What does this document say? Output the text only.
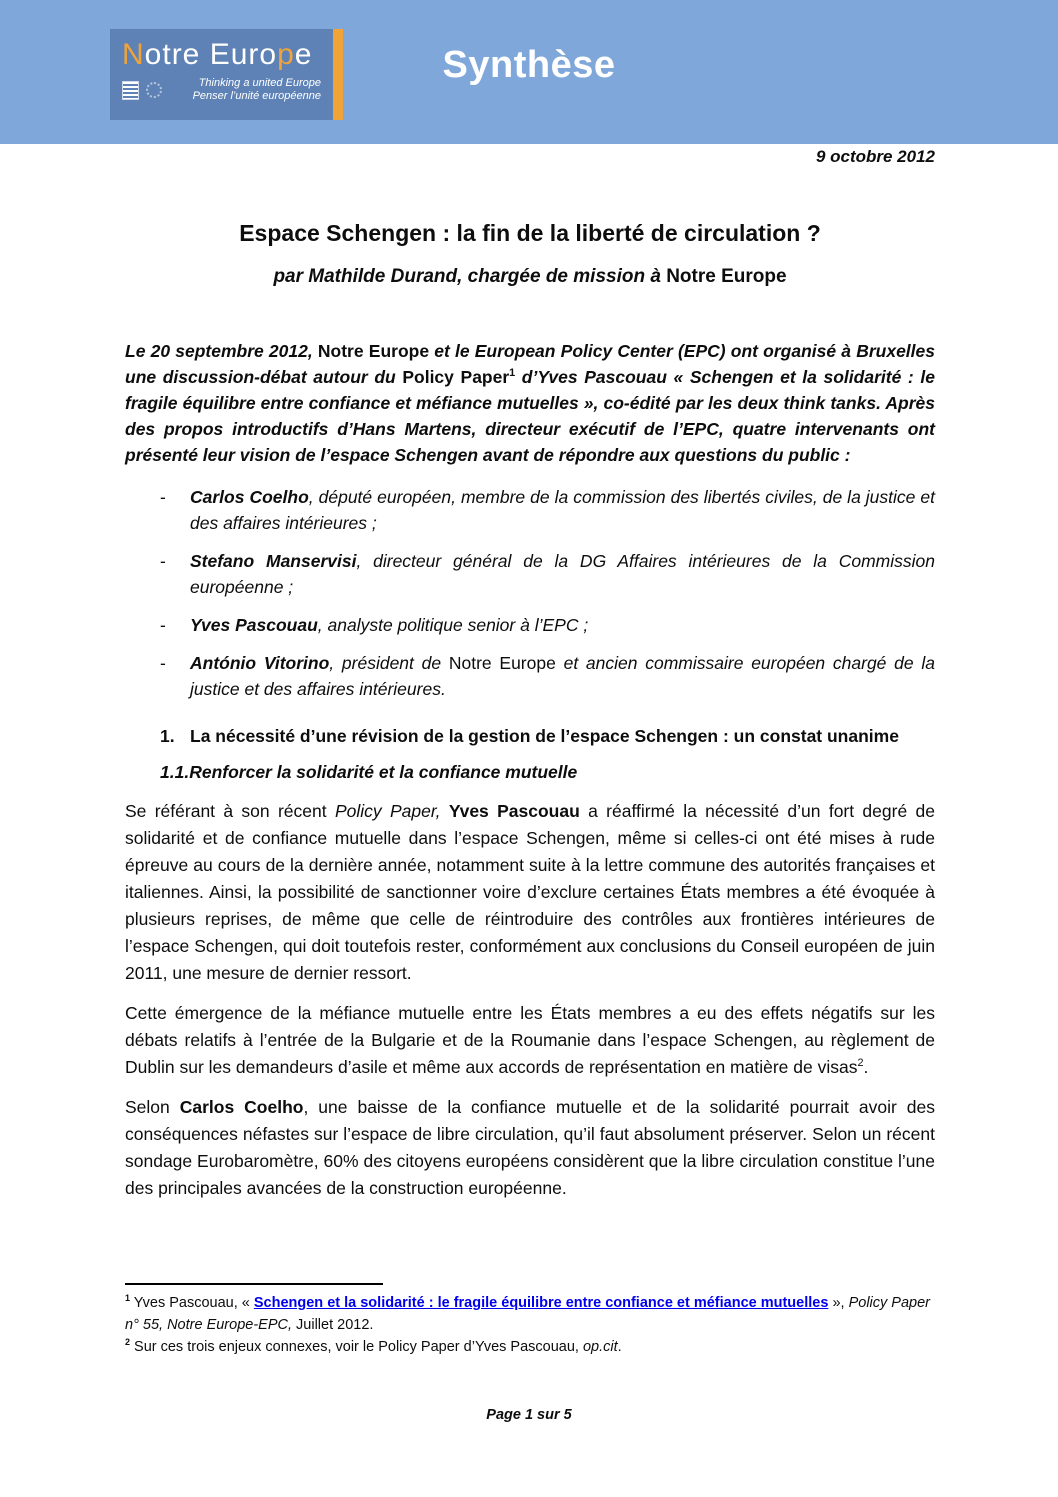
Notre Europe
Thinking a united Europe
Penser l’unité européenne
Synthèse
9 octobre 2012
Espace Schengen : la fin de la liberté de circulation ?
par Mathilde Durand, chargée de mission à Notre Europe

Le 20 septembre 2012, Notre Europe et le European Policy Center (EPC) ont organisé à Bruxelles une discussion-débat autour du Policy Paper$^1$ d’Yves Pascouau « Schengen et la solidarité : le fragile équilibre entre confiance et méfiance mutuelles », co-édité par les deux think tanks. Après des propos introductifs d’Hans Martens, directeur exécutif de l’EPC, quatre intervenants ont présenté leur vision de l’espace Schengen avant de répondre aux questions du public :

-	Carlos Coelho, député européen, membre de la commission des libertés civiles, de la justice et des affaires intérieures ;
-	Stefano Manservisi, directeur général de la DG Affaires intérieures de la Commission européenne ;
-	Yves Pascouau, analyste politique senior à l’EPC ;
-	António Vitorino, président de Notre Europe et ancien commissaire européen chargé de la justice et des affaires intérieures.
1. La nécessité d’une révision de la gestion de l’espace Schengen : un constat unanime
1.1.Renforcer la solidarité et la confiance mutuelle

Se référant à son récent Policy Paper, Yves Pascouau a réaffirmé la nécessité d’un fort degré de solidarité et de confiance mutuelle dans l’espace Schengen, même si celles-ci ont été mises à rude épreuve au cours de la dernière année, notamment suite à la lettre commune des autorités françaises et italiennes. Ainsi, la possibilité de sanctionner voire d’exclure certaines États membres a été évoquée à plusieurs reprises, de même que celle de réintroduire des contrôles aux frontières intérieures de l’espace Schengen, qui doit toutefois rester, conformément aux conclusions du Conseil européen de juin 2011, une mesure de dernier ressort.

Cette émergence de la méfiance mutuelle entre les États membres a eu des effets négatifs sur les débats relatifs à l’entrée de la Bulgarie et de la Roumanie dans l’espace Schengen, au règlement de Dublin sur les demandeurs d’asile et même aux accords de représentation en matière de visas$^2$.

Selon Carlos Coelho, une baisse de la confiance mutuelle et de la solidarité pourrait avoir des conséquences néfastes sur l’espace de libre circulation, qu’il faut absolument préserver. Selon un récent sondage Eurobaromètre, 60% des citoyens européens considèrent que la libre circulation constitue l’une des principales avancées de la construction européenne.

$^1$ Yves Pascouau, « Schengen et la solidarité : le fragile équilibre entre confiance et méfiance mutuelles », Policy Paper n° 55, Notre Europe-EPC, Juillet 2012.

$^2$ Sur ces trois enjeux connexes, voir le Policy Paper d’Yves Pascouau, op.cit.

Page 1 sur 5
